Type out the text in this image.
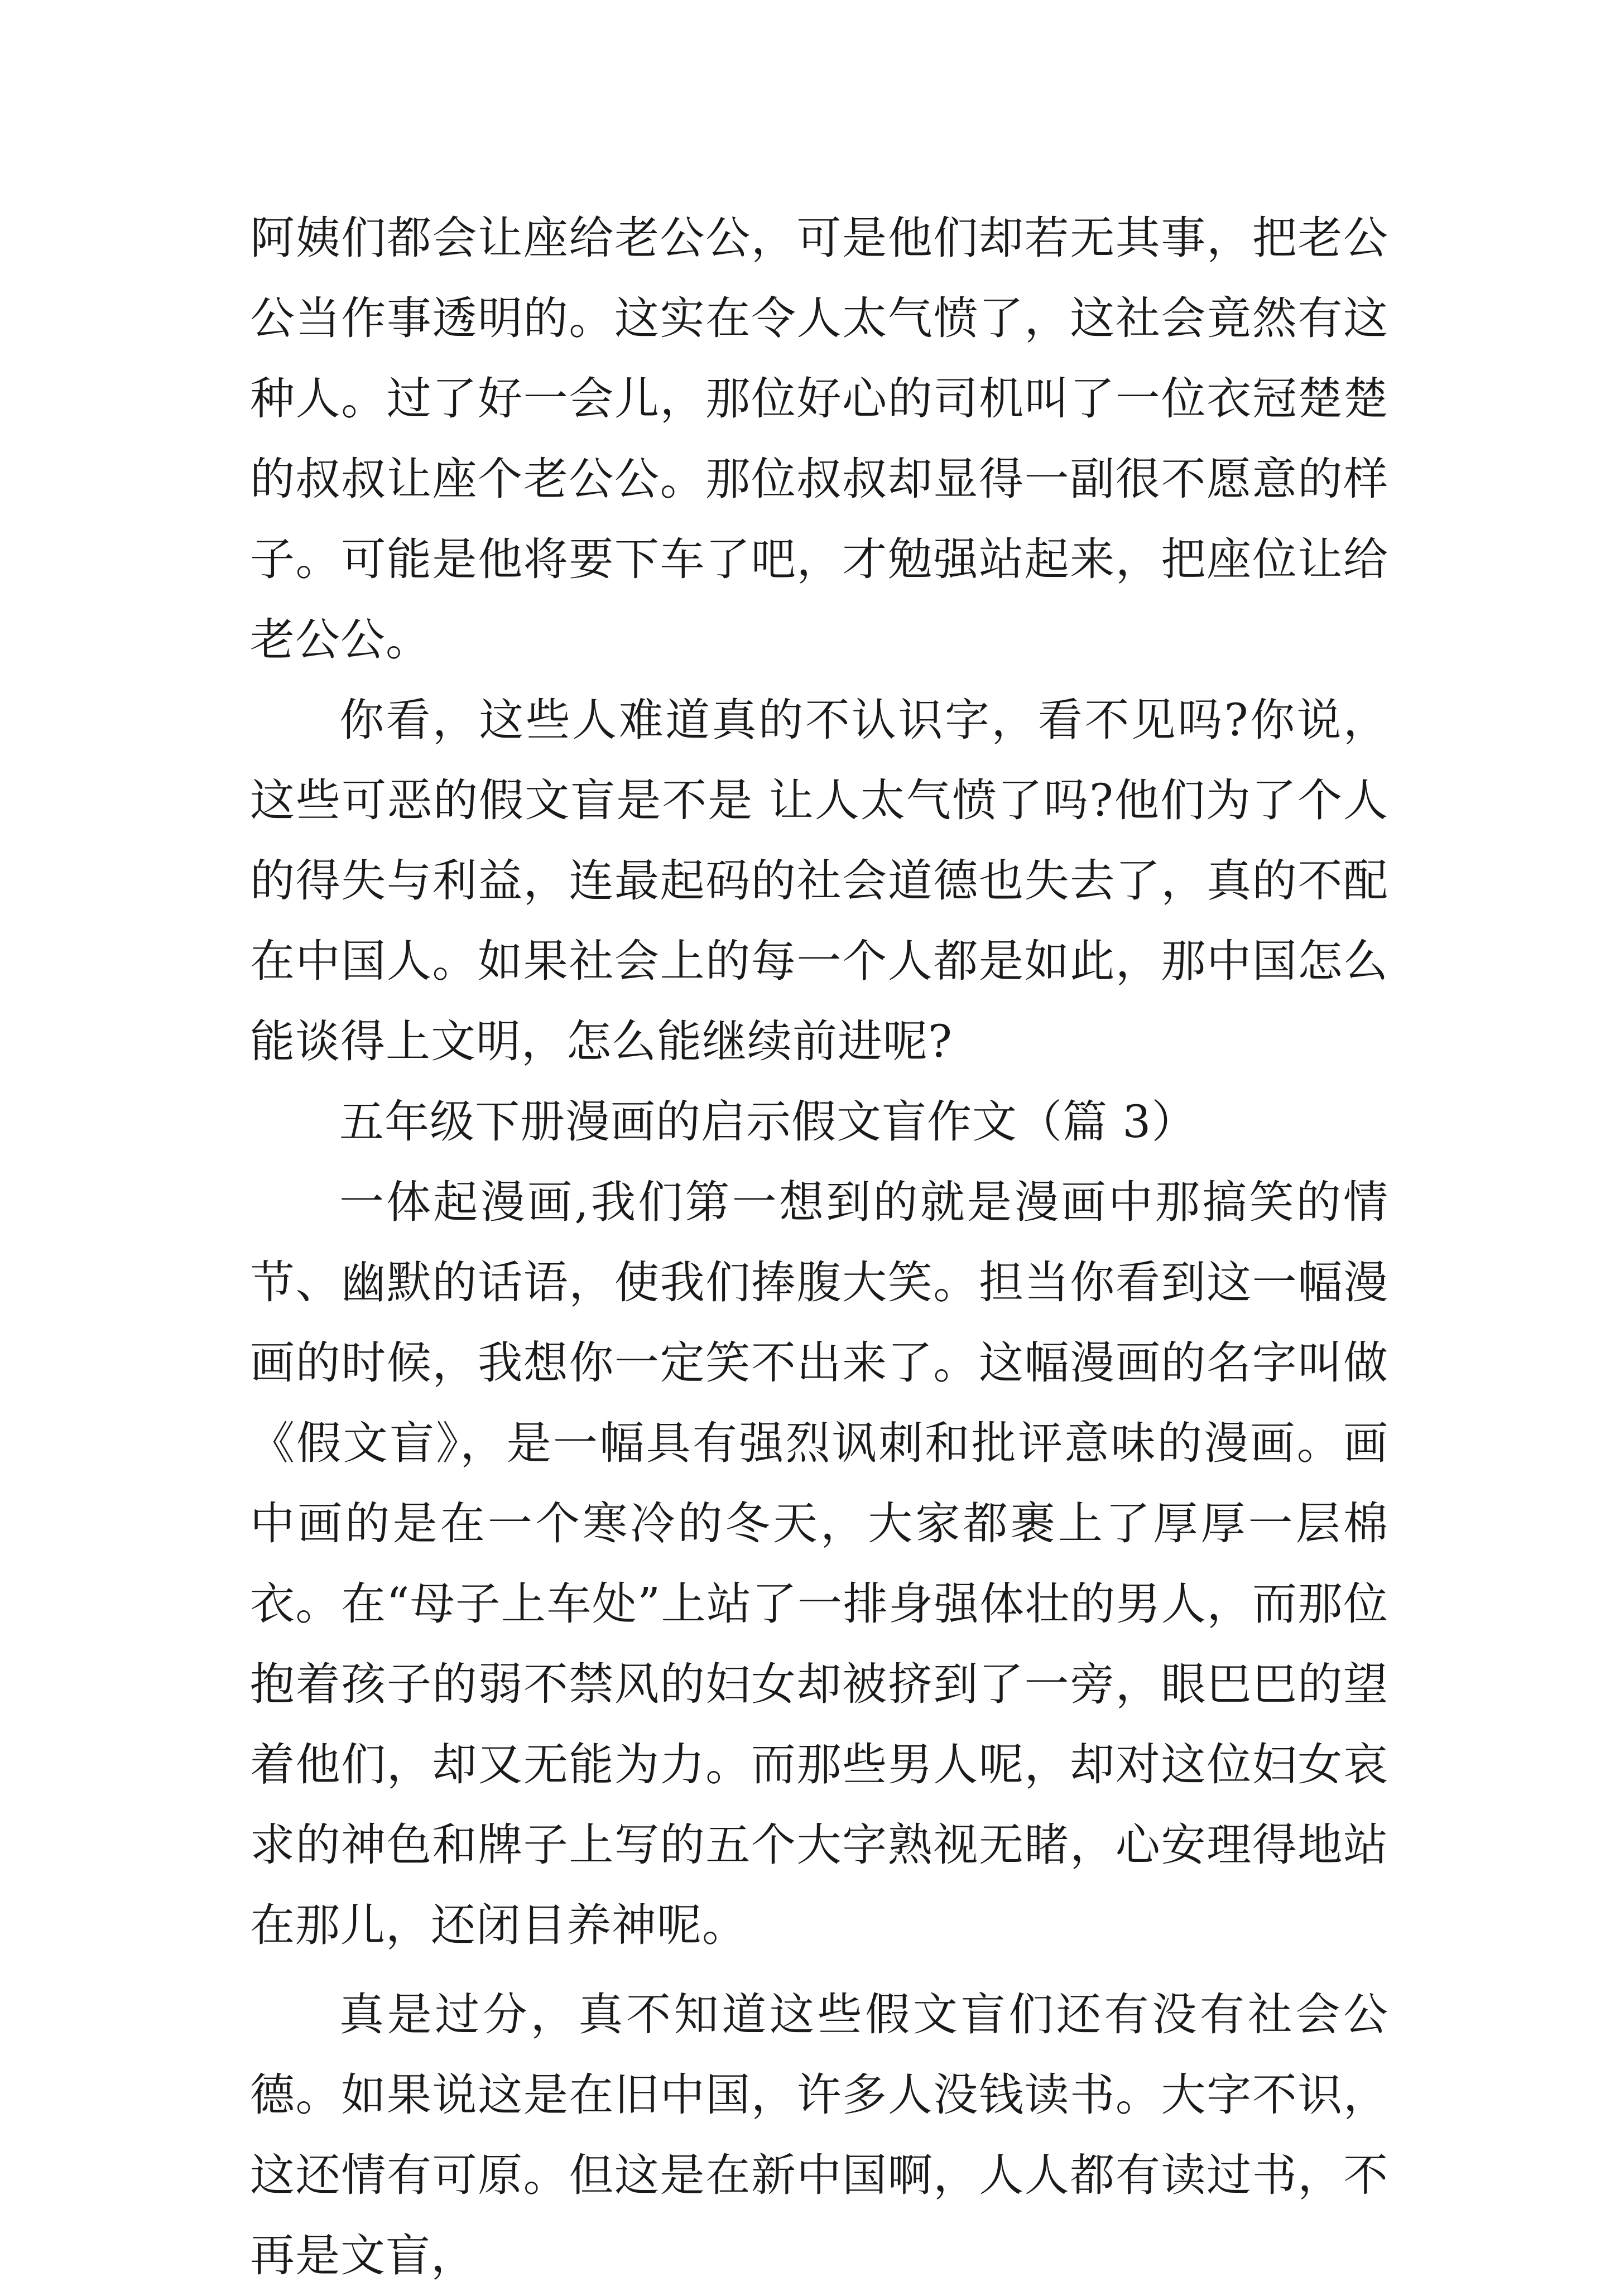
阿姨们都会让座给老公公，可是他们却若无其事，把老公公当作事透明的。这实在令人太气愤了，这社会竟然有这种人。过了好一会儿，那位好心的司机叫了一位衣冠楚楚的叔叔让座个老公公。那位叔叔却显得一副很不愿意的样子。可能是他将要下车了吧，才勉强站起来，把座位让给老公公。

你看，这些人难道真的不认识字，看不见吗?你说，这些可恶的假文盲是不是 让人太气愤了吗?他们为了个人的得失与利益，连最起码的社会道德也失去了，真的不配在中国人。如果社会上的每一个人都是如此，那中国怎么能谈得上文明，怎么能继续前进呢?

五年级下册漫画的启示假文盲作文（篇 3）

一体起漫画,我们第一想到的就是漫画中那搞笑的情节、幽默的话语，使我们捧腹大笑。担当你看到这一幅漫画的时候，我想你一定笑不出来了。这幅漫画的名字叫做《假文盲》，是一幅具有强烈讽刺和批评意味的漫画。画中画的是在一个寒冷的冬天，大家都裹上了厚厚一层棉衣。在“母子上车处”上站了一排身强体壮的男人，而那位抱着孩子的弱不禁风的妇女却被挤到了一旁，眼巴巴的望着他们，却又无能为力。而那些男人呢，却对这位妇女哀求的神色和牌子上写的五个大字熟视无睹，心安理得地站在那儿，还闭目养神呢。

真是过分，真不知道这些假文盲们还有没有社会公德。如果说这是在旧中国，许多人没钱读书。大字不识，这还情有可原。但这是在新中国啊，人人都有读过书，不再是文盲，
